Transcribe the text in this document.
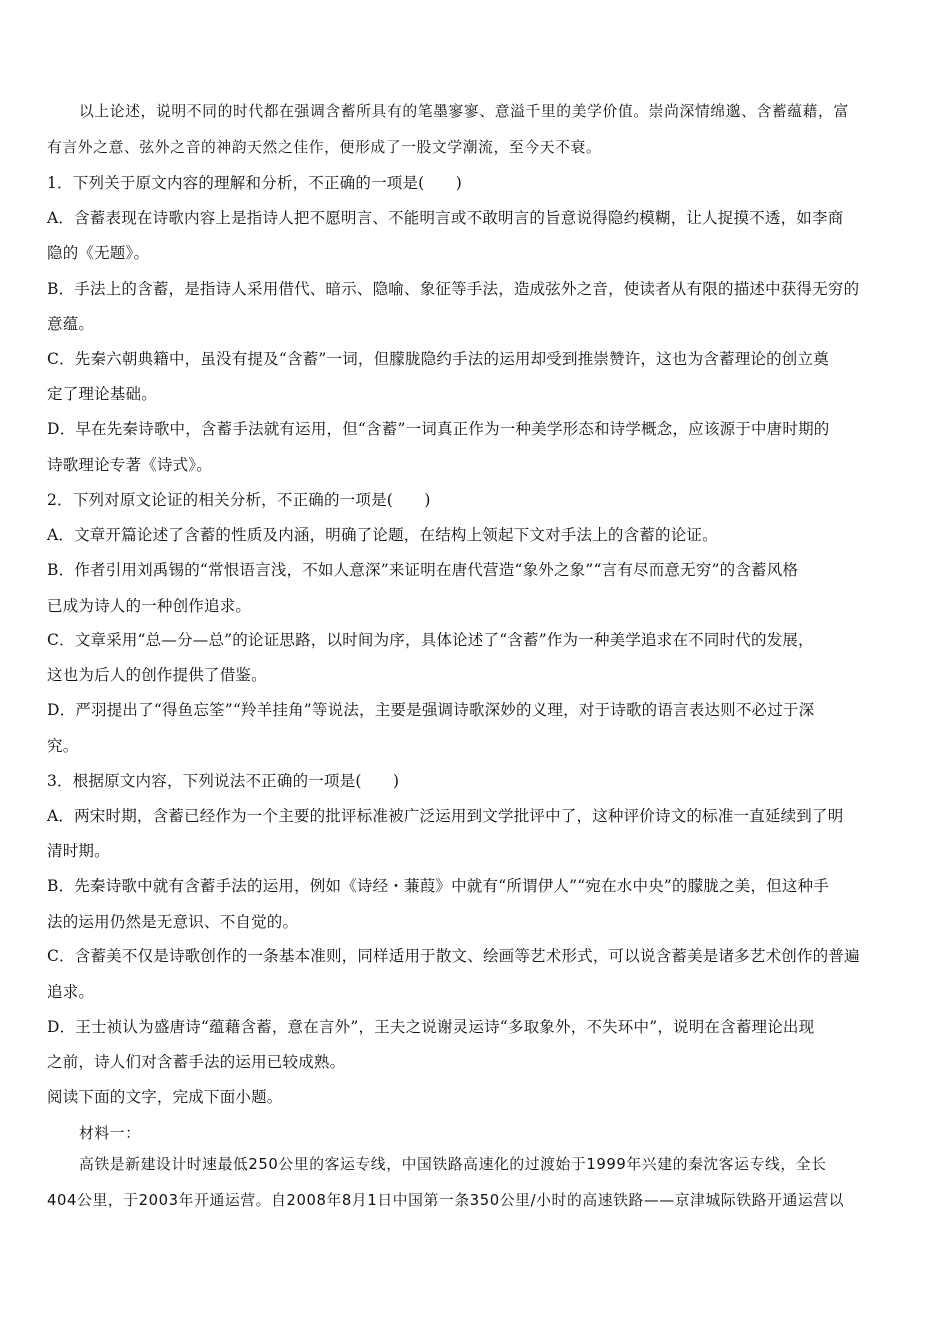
以上论述，说明不同的时代都在强调含蓄所具有的笔墨寥寥、意溢千里的美学价值。崇尚深情绵邈、含蓄蕴藉，富
有言外之意、弦外之音的神韵天然之佳作，便形成了一股文学潮流，至今天不衰。
1．下列关于原文内容的理解和分析，不正确的一项是(　　)
A．含蓄表现在诗歌内容上是指诗人把不愿明言、不能明言或不敢明言的旨意说得隐约模糊，让人捉摸不透，如李商
隐的《无题》。
B．手法上的含蓄，是指诗人采用借代、暗示、隐喻、象征等手法，造成弦外之音，使读者从有限的描述中获得无穷的
意蕴。
C．先秦六朝典籍中，虽没有提及“含蓄”一词，但朦胧隐约手法的运用却受到推崇赞许，这也为含蓄理论的创立奠
定了理论基础。
D．早在先秦诗歌中，含蓄手法就有运用，但“含蓄”一词真正作为一种美学形态和诗学概念，应该源于中唐时期的
诗歌理论专著《诗式》。
2．下列对原文论证的相关分析，不正确的一项是(　　)
A．文章开篇论述了含蓄的性质及内涵，明确了论题，在结构上领起下文对手法上的含蓄的论证。
B．作者引用刘禹锡的“常恨语言浅，不如人意深”来证明在唐代营造“象外之象”“言有尽而意无穷”的含蓄风格
已成为诗人的一种创作追求。
C．文章采用“总—分—总”的论证思路，以时间为序，具体论述了“含蓄”作为一种美学追求在不同时代的发展，
这也为后人的创作提供了借鉴。
D．严羽提出了“得鱼忘筌”“羚羊挂角”等说法，主要是强调诗歌深妙的义理，对于诗歌的语言表达则不必过于深
究。
3．根据原文内容，下列说法不正确的一项是(　　)
A．两宋时期，含蓄已经作为一个主要的批评标准被广泛运用到文学批评中了，这种评价诗文的标准一直延续到了明
清时期。
B．先秦诗歌中就有含蓄手法的运用，例如《诗经・蒹葭》中就有“所谓伊人”“宛在水中央”的朦胧之美，但这种手
法的运用仍然是无意识、不自觉的。
C．含蓄美不仅是诗歌创作的一条基本准则，同样适用于散文、绘画等艺术形式，可以说含蓄美是诸多艺术创作的普遍
追求。
D．王士祯认为盛唐诗“蕴藉含蓄，意在言外”，王夫之说谢灵运诗“多取象外，不失环中”，说明在含蓄理论出现
之前，诗人们对含蓄手法的运用已较成熟。
阅读下面的文字，完成下面小题。
材料一：
高铁是新建设计时速最低250公里的客运专线，中国铁路高速化的过渡始于1999年兴建的秦沈客运专线，全长
404公里，于2003年开通运营。自2008年8月1日中国第一条350公里/小时的高速铁路——京津城际铁路开通运营以
